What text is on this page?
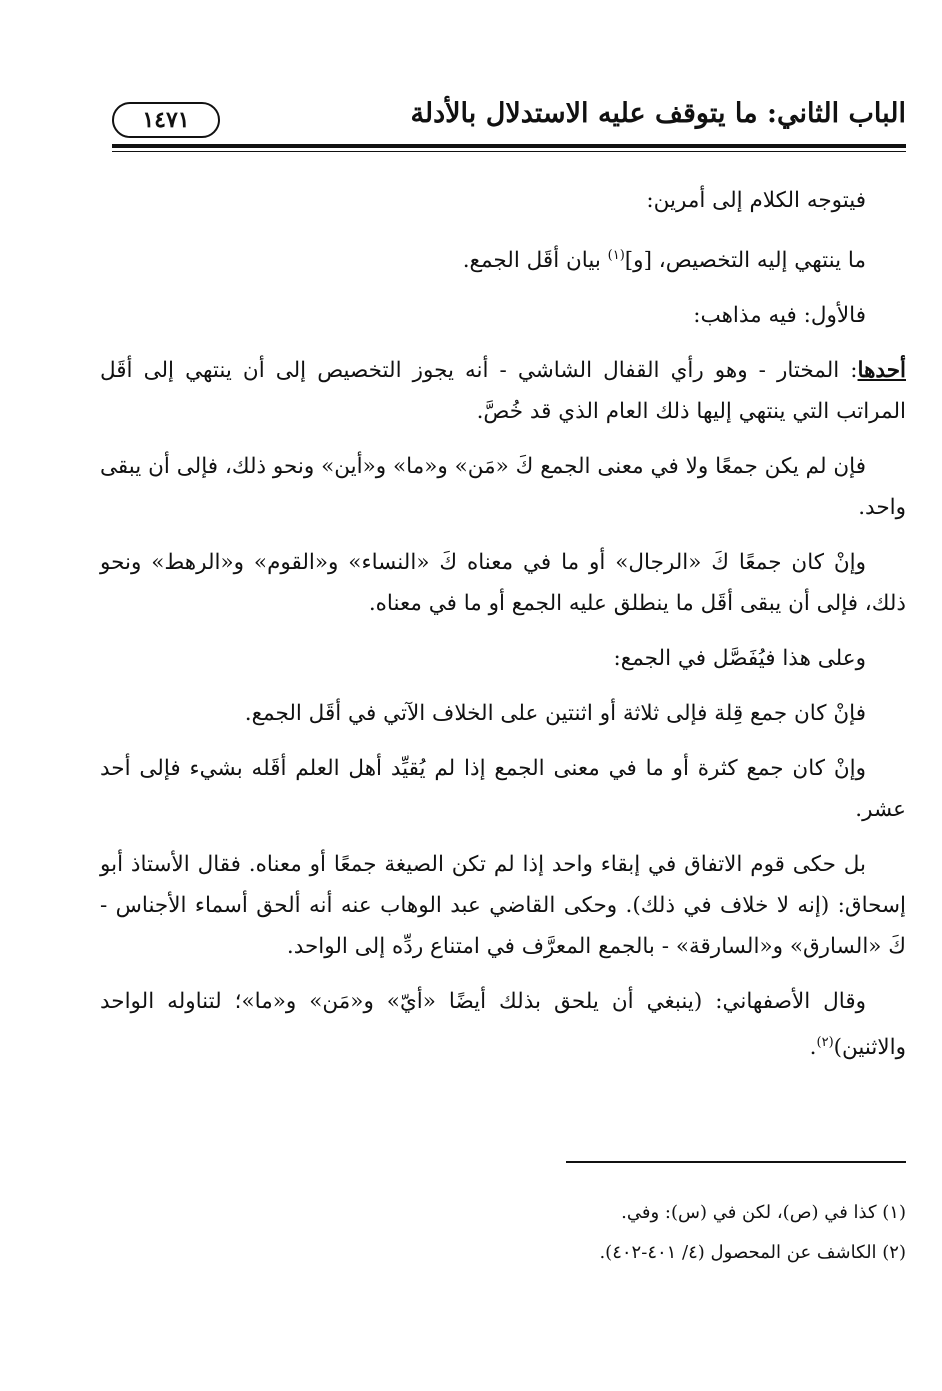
الباب الثاني: ما يتوقف عليه الاستدلال بالأدلة
١٤٧١

فيتوجه الكلام إلى أمرين:

ما ينتهي إليه التخصيص، [و]$^{(١)}$ بيان أقَل الجمع.

فالأول: فيه مذاهب:

أحدها: المختار - وهو رأي القفال الشاشي - أنه يجوز التخصيص إلى أن ينتهي إلى أقَل المراتب التي ينتهي إليها ذلك العام الذي قد خُصَّ.

فإن لم يكن جمعًا ولا في معنى الجمع كَ «مَن» و«ما» و«أين» ونحو ذلك، فإلى أن يبقى واحد.

وإنْ كان جمعًا كَ «الرجال» أو ما في معناه كَ «النساء» و«القوم» و«الرهط» ونحو ذلك، فإلى أن يبقى أقَل ما ينطلق عليه الجمع أو ما في معناه.

وعلى هذا فيُفَصَّل في الجمع:

فإنْ كان جمع قِلة فإلى ثلاثة أو اثنتين على الخلاف الآتي في أقَل الجمع.

وإنْ كان جمع كثرة أو ما في معنى الجمع إذا لم يُقيِّد أهل العلم أقَله بشيء فإلى أحد عشر.

بل حكى قوم الاتفاق في إبقاء واحد إذا لم تكن الصيغة جمعًا أو معناه. فقال الأستاذ أبو إسحاق: (إنه لا خلاف في ذلك). وحكى القاضي عبد الوهاب عنه أنه ألحق أسماء الأجناس - كَ «السارق» و«السارقة» - بالجمع المعرَّف في امتناع ردِّه إلى الواحد.

وقال الأصفهاني: (ينبغي أن يلحق بذلك أيضًا «أيّ» و«مَن» و«ما»؛ لتناوله الواحد والاثنين)$^{(٢)}$.

(١) كذا في (ص)، لكن في (س): وفي.

(٢) الكاشف عن المحصول (٤/ ٤٠١-٤٠٢).
